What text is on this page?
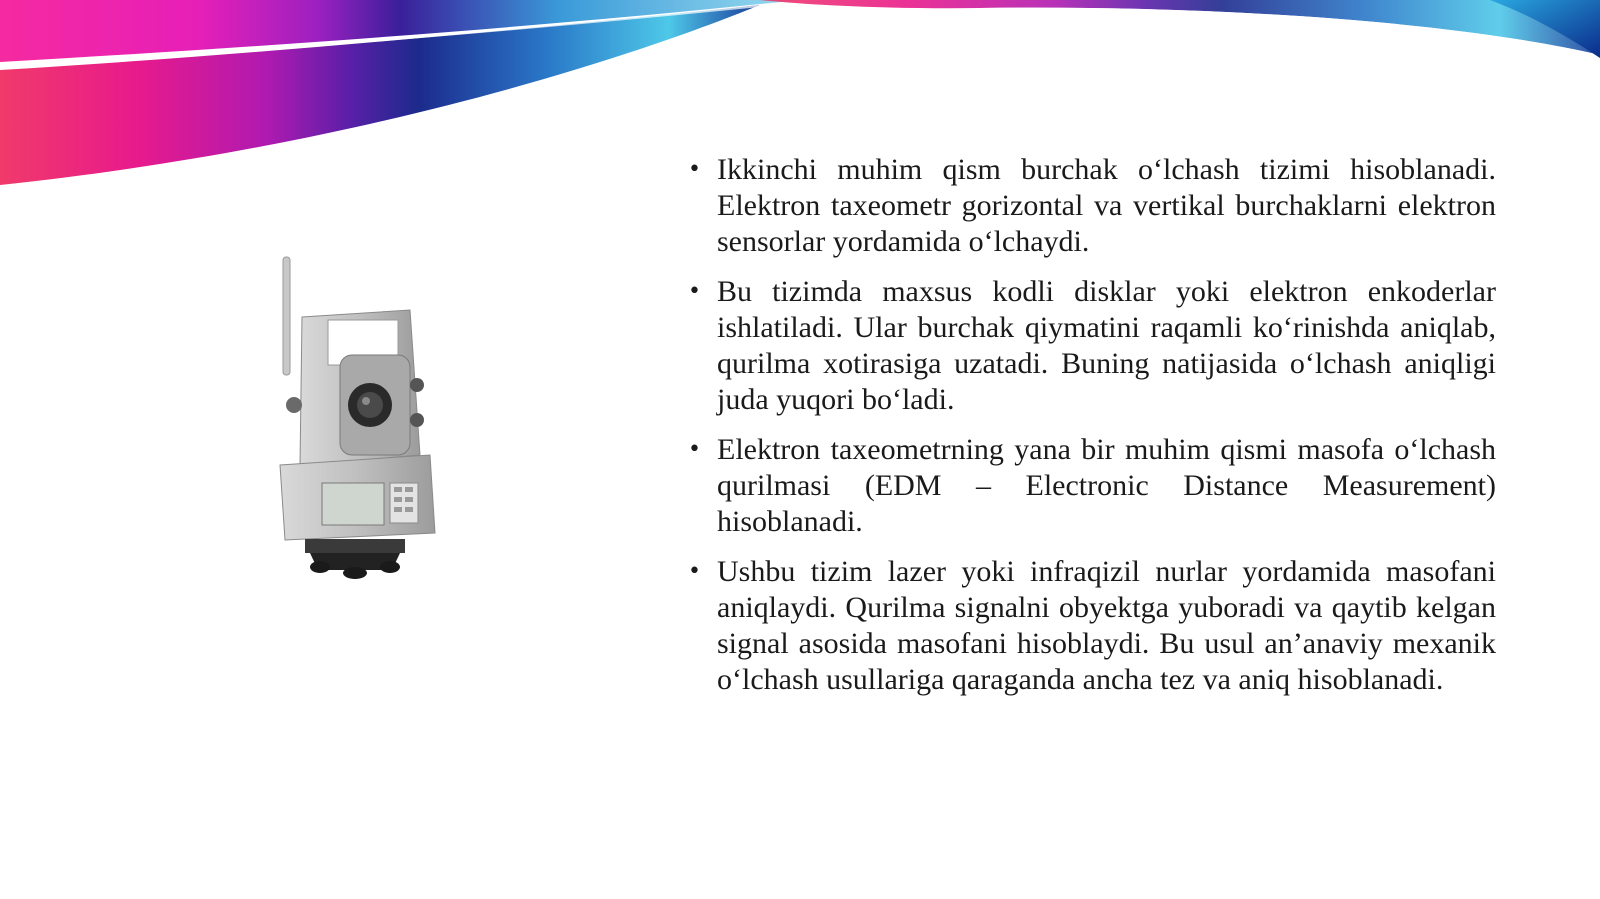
• Ikkinchi muhim qism burchak o‘lchash tizimi hisoblanadi. Elektron taxeometr gorizontal va vertikal burchaklarni elektron sensorlar yordamida o‘lchaydi.
• Bu tizimda maxsus kodli disklar yoki elektron enkoderlar ishlatiladi. Ular burchak qiymatini raqamli ko‘rinishda aniqlab, qurilma xotirasiga uzatadi. Buning natijasida o‘lchash aniqligi juda yuqori bo‘ladi.
• Elektron taxeometrning yana bir muhim qismi masofa o‘lchash qurilmasi (EDM – Electronic Distance Measurement) hisoblanadi.
• Ushbu tizim lazer yoki infraqizil nurlar yordamida masofani aniqlaydi. Qurilma signalni obyektga yuboradi va qaytib kelgan signal asosida masofani hisoblaydi. Bu usul an’anaviy mexanik o‘lchash usullariga qaraganda ancha tez va aniq hisoblanadi.
